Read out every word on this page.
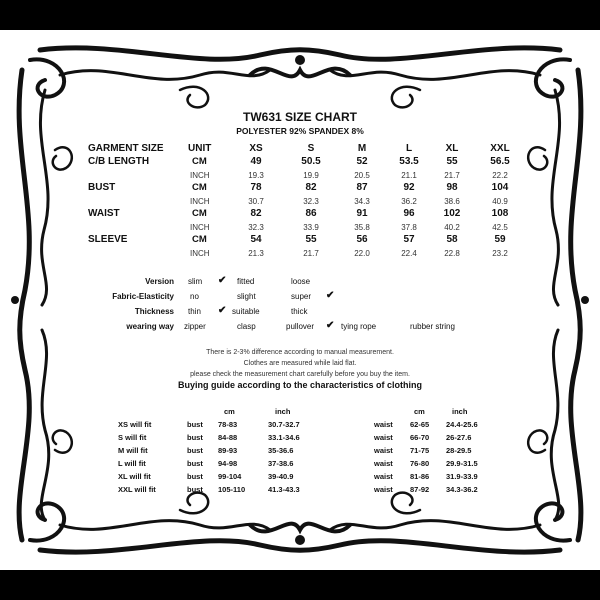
TW631 SIZE CHART
POLYESTER 92% SPANDEX 8%
GARMENT SIZE UNIT	XS	S	M	L	XL	XXL
C/B LENGTH	CM	49	50.5	52	53.5	55	56.5
INCH	19.3	19.9	20.5	21.1	21.7	22.2
BUST	CM	78	82	87	92	98	104
INCH	30.7	32.3	34.3	36.2	38.6	40.9
WAIST	CM	82	86	91	96	102	108
INCH	32.3	33.9	35.8	37.8	40.2	42.5
SLEEVE	CM	54	55	56	57	58	59
INCH	21.3	21.7	22.0	22.4	22.8	23.2
Version slim ✔ fitted	loose
Fabric-Elasticity no	slight	super ✔
Thickness thin ✔ suitable	thick
wearing way zipper	clasp	pullover ✔ tying rope	rubber string
There is 2-3% difference according to manual measurement.
Clothes are measured while laid flat.
please check the measurement chart carefully before you buy the item.
Buying guide according to the characteristics of clothing
cm	inch	cm	inch
XS will fit	bust 78-83	30.7-32.7	waist 62-65 24.4-25.6
S will fit	bust 84-88	33.1-34.6	waist 66-70 26-27.6
M will fit	bust 89-93	35-36.6	waist 71-75 28-29.5
L will fit	bust 94-98	37-38.6	waist 76-80 29.9-31.5
XL will fit	bust 99-104	39-40.9	waist 81-86 31.9-33.9
XXL will fit	bust 105-110	41.3-43.3	waist 87-92 34.3-36.2
